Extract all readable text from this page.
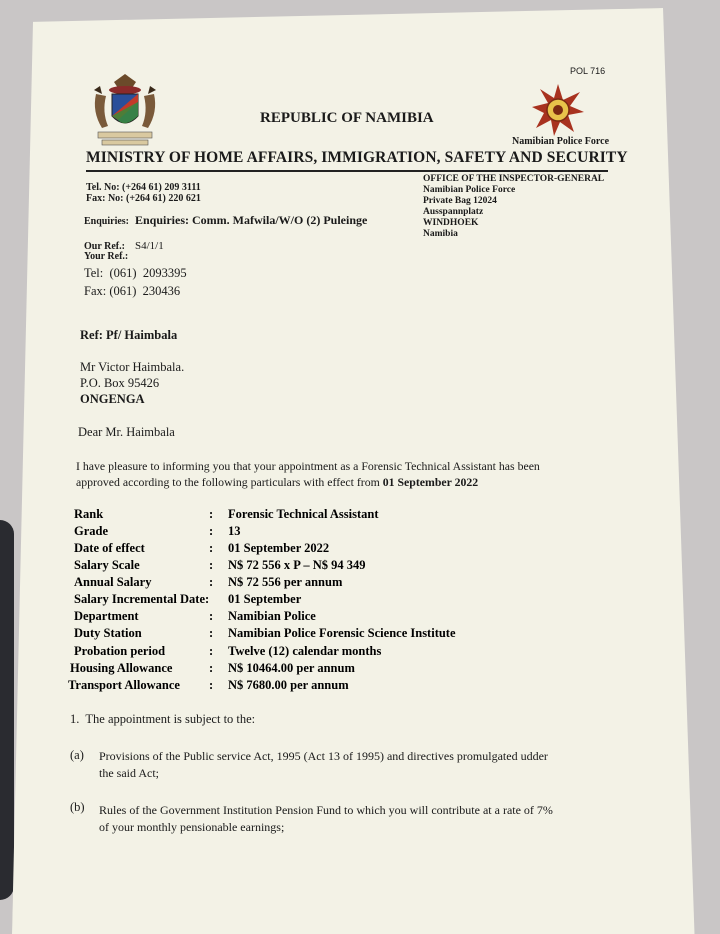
POL 716
REPUBLIC OF NAMIBIA
Namibian Police Force
MINISTRY OF HOME AFFAIRS, IMMIGRATION, SAFETY AND SECURITY
Tel. No: (+264 61) 209 3111
Fax: No: (+264 61) 220 621
OFFICE OF THE INSPECTOR-GENERAL
Namibian Police Force
Private Bag 12024
Ausspannplatz
WINDHOEK
Namibia
Enquiries: Enquiries: Comm. Mafwila/W/O (2) Puleinge
Our Ref.: S4/1/1
Your Ref.:
Tel:  (061)  2093395
Fax: (061)  230436
Ref: Pf/ Haimbala
Mr Victor Haimbala.
P.O. Box 95426
ONGENGA
Dear Mr. Haimbala
I have pleasure to informing you that your appointment as a Forensic Technical Assistant has been
approved according to the following particulars with effect from 01 September 2022
Rank	: Forensic Technical Assistant
Grade	: 13
Date of effect	: 01 September 2022
Salary Scale	: N$ 72 556 x P – N$ 94 349
Annual Salary	: N$ 72 556 per annum
Salary Incremental Date : 01 September
Department	: Namibian Police
Duty Station	: Namibian Police Forensic Science Institute
Probation period	: Twelve (12) calendar months
Housing Allowance	: N$ 10464.00 per annum
Transport Allowance : N$ 7680.00 per annum
1.  The appointment is subject to the:
(a) Provisions of the Public service Act, 1995 (Act 13 of 1995) and directives promulgated udder
the said Act;
(b) Rules of the Government Institution Pension Fund to which you will contribute at a rate of 7%
of your monthly pensionable earnings;
